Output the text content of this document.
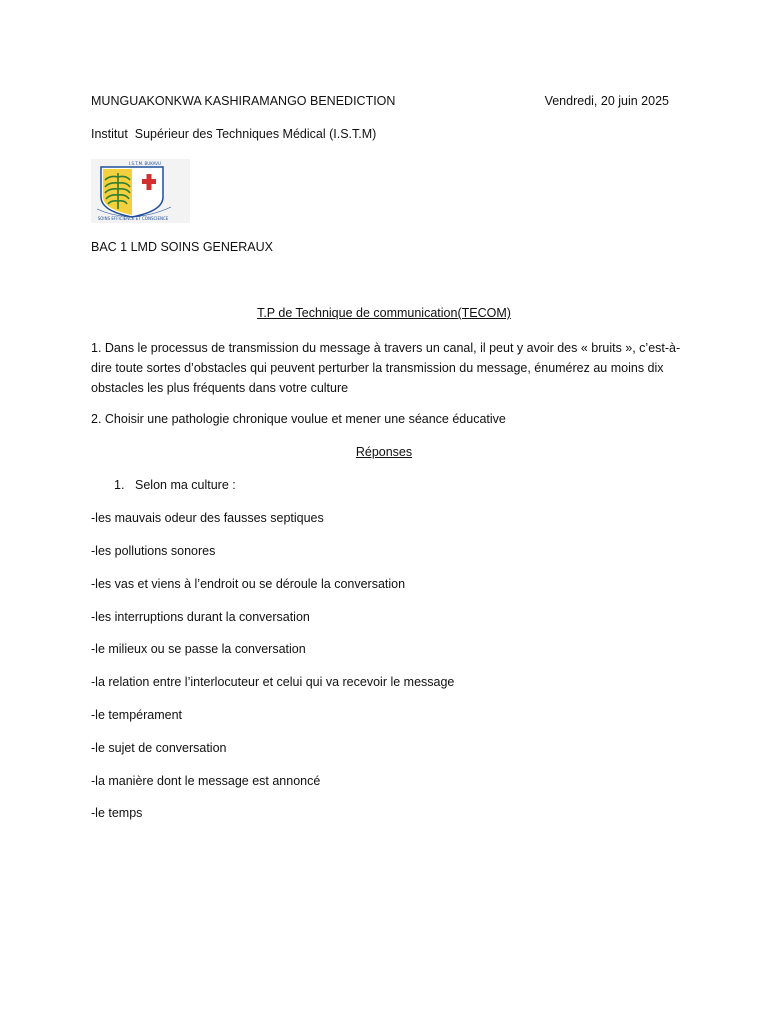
MUNGUAKONKWA KASHIRAMANGO BENEDICTION	Vendredi, 20 juin 2025
Institut  Supérieur des Techniques Médical (I.S.T.M)
I.S.T.M. BUKAVU
SOINS EFFICIENCE ET CONSCIENCE
BAC 1 LMD SOINS GENERAUX
T.P de Technique de communication(TECOM)
1. Dans le processus de transmission du message à travers un canal, il peut y avoir des « bruits », c’est-à-dire toute sortes d’obstacles qui peuvent perturber la transmission du message, énumérez au moins dix obstacles les plus fréquents dans votre culture
2. Choisir une pathologie chronique voulue et mener une séance éducative
Réponses
1. Selon ma culture :
-les mauvais odeur des fausses septiques
-les pollutions sonores
-les vas et viens à l’endroit ou se déroule la conversation
-les interruptions durant la conversation
-le milieux ou se passe la conversation
-la relation entre l’interlocuteur et celui qui va recevoir le message
-le tempérament
-le sujet de conversation
-la manière dont le message est annoncé
-le temps
